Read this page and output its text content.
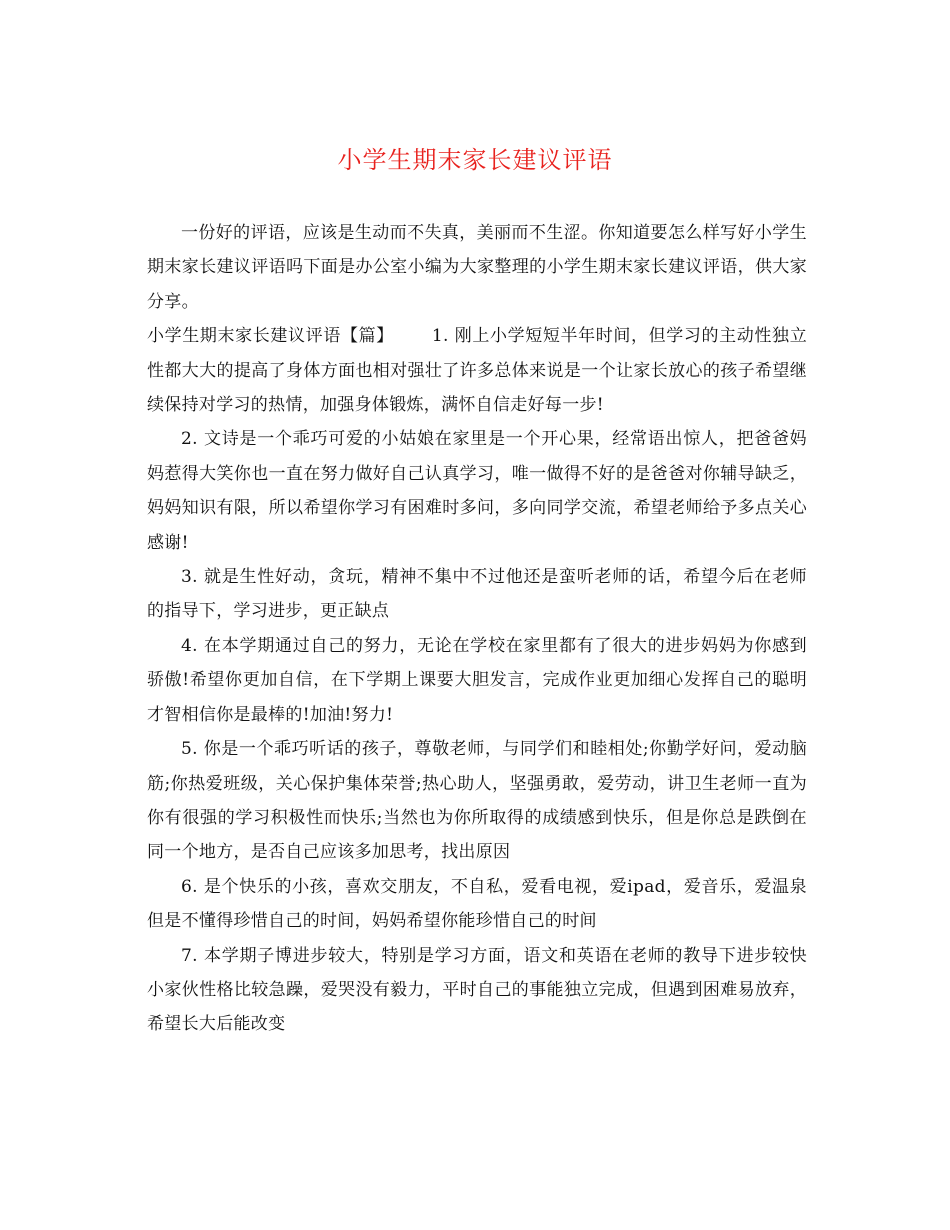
小学生期末家长建议评语

一份好的评语，应该是生动而不失真，美丽而不生涩。你知道要怎么样写好小学生期末家长建议评语吗下面是办公室小编为大家整理的小学生期末家长建议评语，供大家分享。

小学生期末家长建议评语【篇】 1. 刚上小学短短半年时间，但学习的主动性独立性都大大的提高了身体方面也相对强壮了许多总体来说是一个让家长放心的孩子希望继续保持对学习的热情，加强身体锻炼，满怀自信走好每一步!

2. 文诗是一个乖巧可爱的小姑娘在家里是一个开心果，经常语出惊人，把爸爸妈妈惹得大笑你也一直在努力做好自己认真学习，唯一做得不好的是爸爸对你辅导缺乏，妈妈知识有限，所以希望你学习有困难时多问，多向同学交流，希望老师给予多点关心感谢!

3. 就是生性好动，贪玩，精神不集中不过他还是蛮听老师的话，希望今后在老师的指导下，学习进步，更正缺点

4. 在本学期通过自己的努力，无论在学校在家里都有了很大的进步妈妈为你感到骄傲!希望你更加自信，在下学期上课要大胆发言，完成作业更加细心发挥自己的聪明才智相信你是最棒的!加油!努力!

5. 你是一个乖巧听话的孩子，尊敬老师，与同学们和睦相处;你勤学好问，爱动脑筋;你热爱班级，关心保护集体荣誉;热心助人，坚强勇敢，爱劳动，讲卫生老师一直为你有很强的学习积极性而快乐;当然也为你所取得的成绩感到快乐，但是你总是跌倒在同一个地方，是否自己应该多加思考，找出原因

6. 是个快乐的小孩，喜欢交朋友，不自私，爱看电视，爱ipad，爱音乐，爱温泉但是不懂得珍惜自己的时间，妈妈希望你能珍惜自己的时间

7. 本学期子博进步较大，特别是学习方面，语文和英语在老师的教导下进步较快小家伙性格比较急躁，爱哭没有毅力，平时自己的事能独立完成，但遇到困难易放弃，希望长大后能改变
